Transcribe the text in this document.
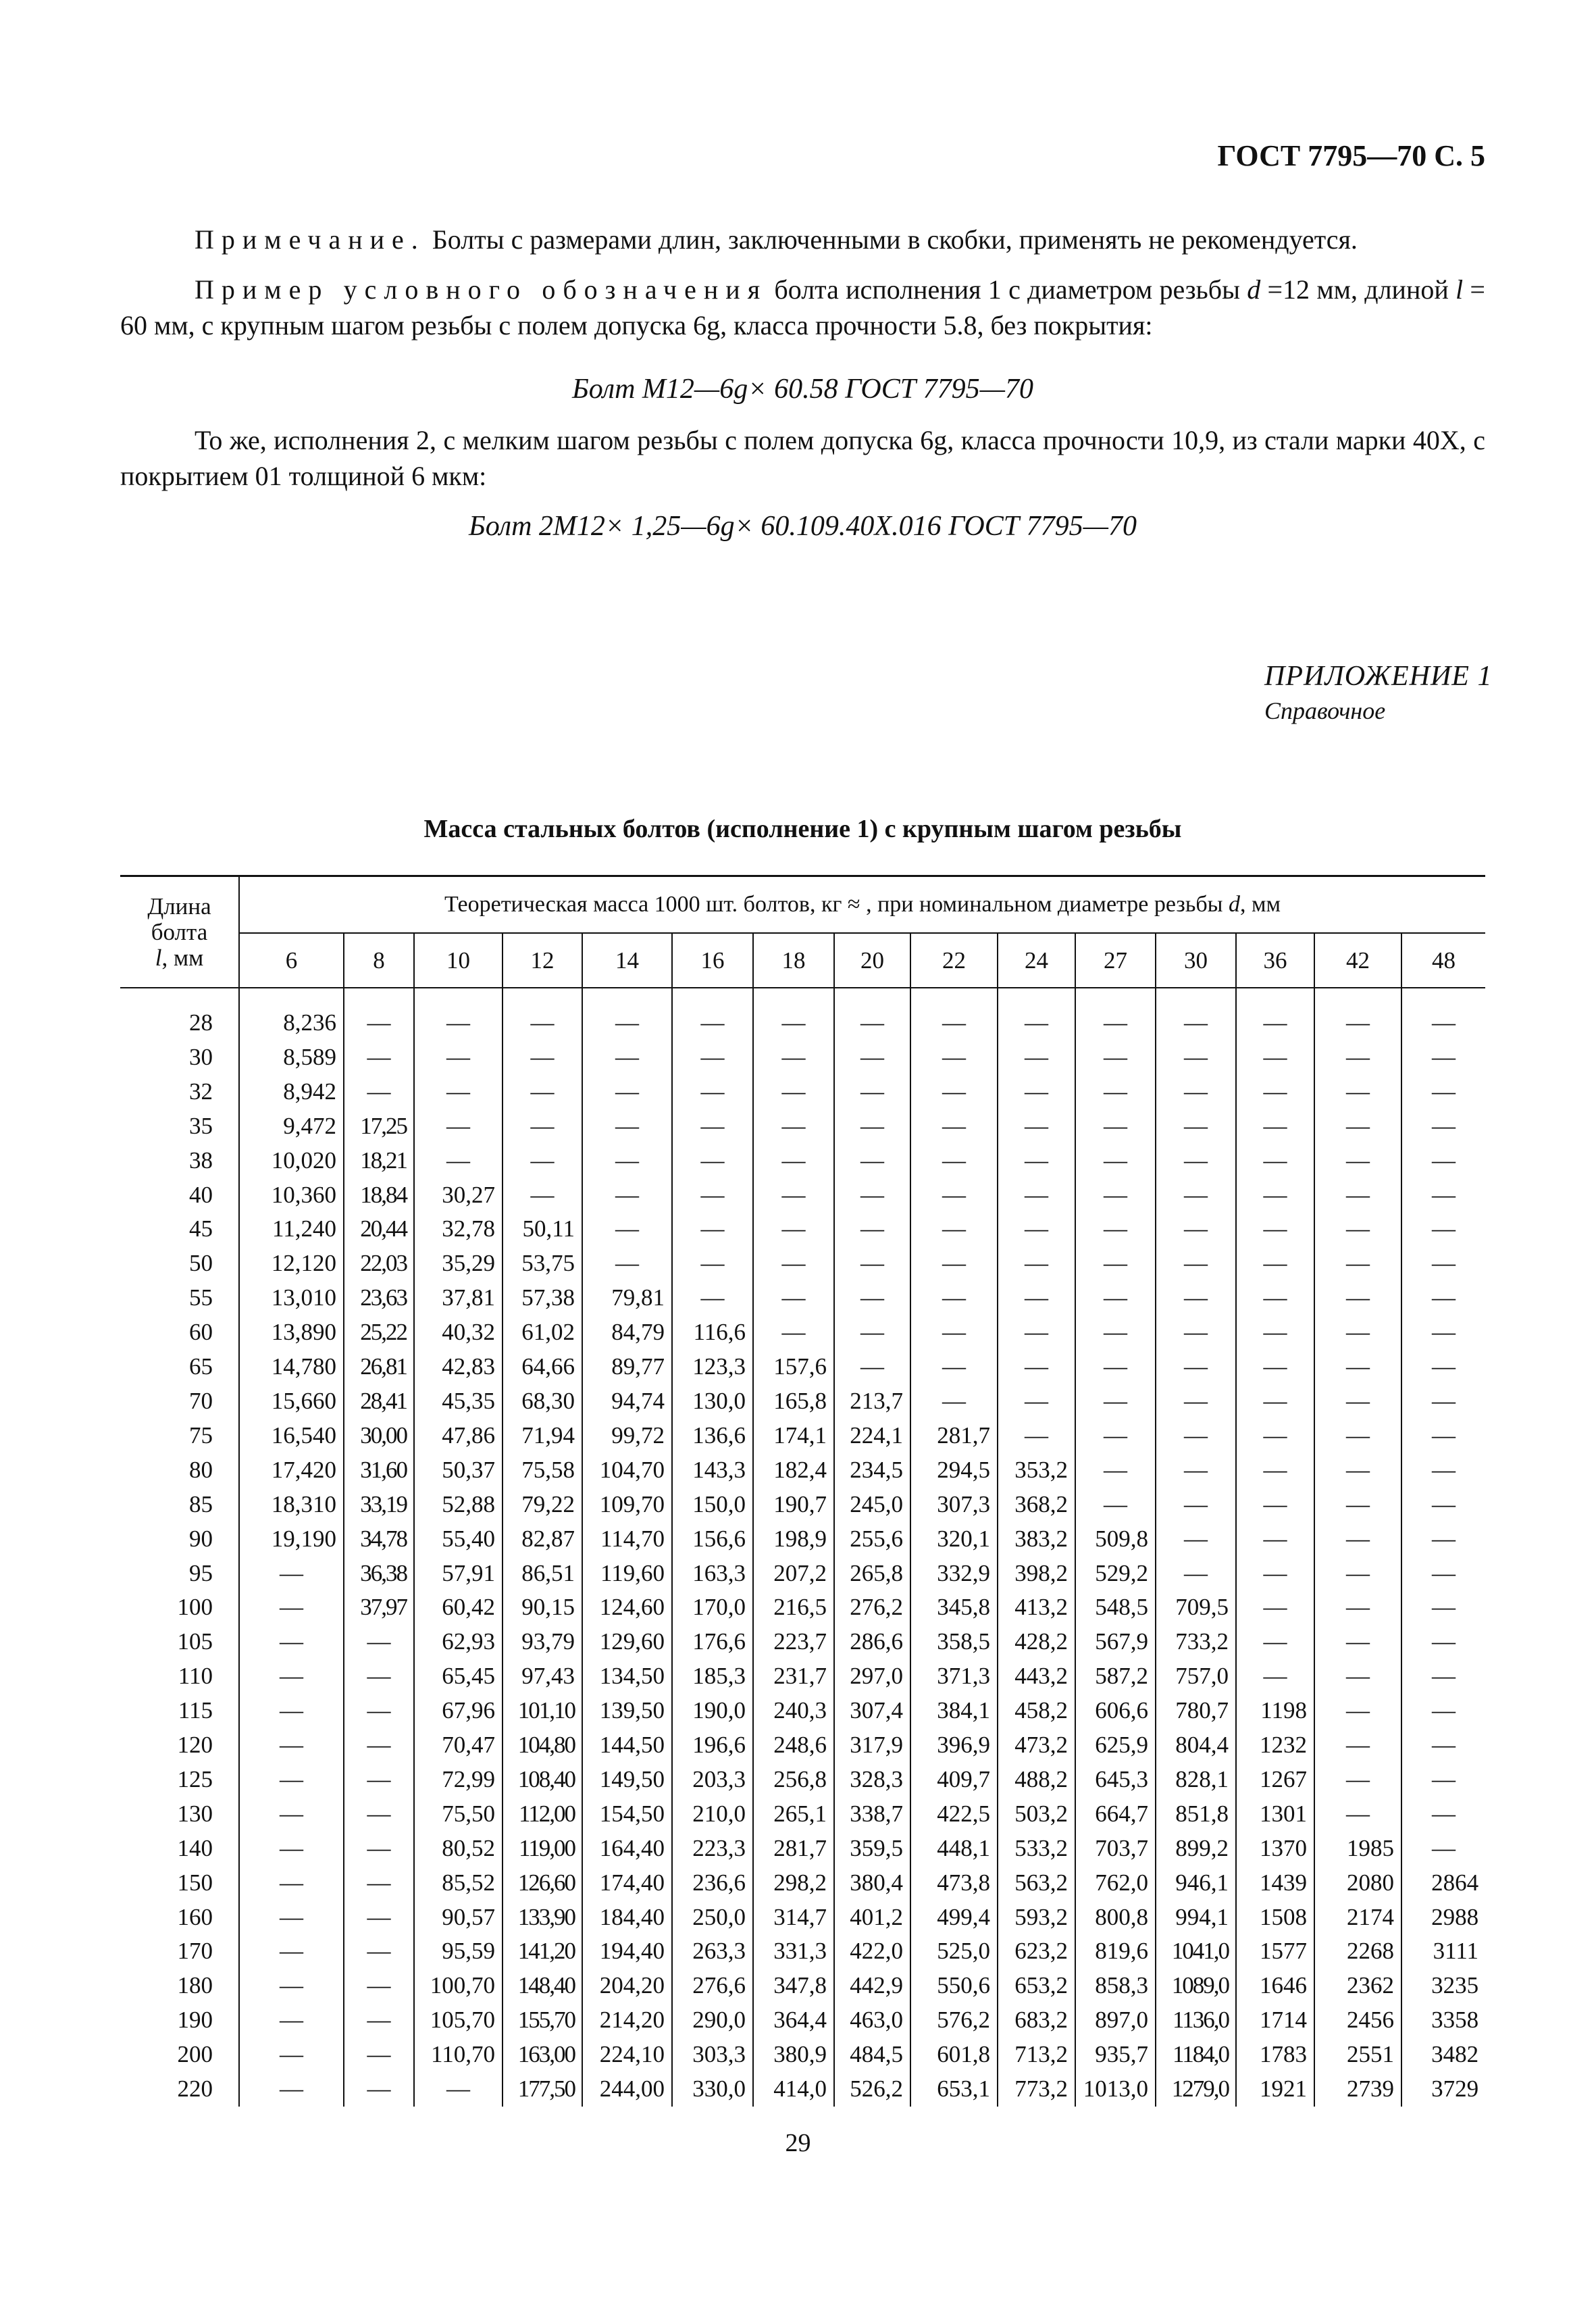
ГОСТ 7795—70 С. 5

Примечание. Болты с размерами длин, заключенными в скобки, применять не рекомендуется.

Пример условного обозначения болта исполнения 1 с диаметром резьбы d =12 мм, длиной l = 60 мм, с крупным шагом резьбы с полем допуска 6g, класса прочности 5.8, без покрытия:

Болт М12—6g× 60.58 ГОСТ 7795—70

То же, исполнения 2, с мелким шагом резьбы с полем допуска 6g, класса прочности 10,9, из стали марки 40Х, с покрытием 01 толщиной 6 мкм:

Болт 2М12× 1,25—6g× 60.109.40Х.016 ГОСТ 7795—70
ПРИЛОЖЕНИЕ 1
Справочное
Масса стальных болтов (исполнение 1) с крупным шагом резьбы
Длина
болта
l, мм	Теоретическая масса 1000 шт. болтов, кг ≈ , при номинальном диаметре резьбы d, мм														
	6	8	10	12	14	16	18	20	22	24	27	30	36	42	48
28	8,236	—	—	—	—	—	—	—	—	—	—	—	—	—	—
30	8,589	—	—	—	—	—	—	—	—	—	—	—	—	—	—
32	8,942	—	—	—	—	—	—	—	—	—	—	—	—	—	—
35	9,472	17,25	—	—	—	—	—	—	—	—	—	—	—	—	—
38	10,020	18,21	—	—	—	—	—	—	—	—	—	—	—	—	—
40	10,360	18,84	30,27	—	—	—	—	—	—	—	—	—	—	—	—
45	11,240	20,44	32,78	50,11	—	—	—	—	—	—	—	—	—	—	—
50	12,120	22,03	35,29	53,75	—	—	—	—	—	—	—	—	—	—	—
55	13,010	23,63	37,81	57,38	79,81	—	—	—	—	—	—	—	—	—	—
60	13,890	25,22	40,32	61,02	84,79	116,6	—	—	—	—	—	—	—	—	—
65	14,780	26,81	42,83	64,66	89,77	123,3	157,6	—	—	—	—	—	—	—	—
70	15,660	28,41	45,35	68,30	94,74	130,0	165,8	213,7	—	—	—	—	—	—	—
75	16,540	30,00	47,86	71,94	99,72	136,6	174,1	224,1	281,7	—	—	—	—	—	—
80	17,420	31,60	50,37	75,58	104,70	143,3	182,4	234,5	294,5	353,2	—	—	—	—	—
85	18,310	33,19	52,88	79,22	109,70	150,0	190,7	245,0	307,3	368,2	—	—	—	—	—
90	19,190	34,78	55,40	82,87	114,70	156,6	198,9	255,6	320,1	383,2	509,8	—	—	—	—
95	—	36,38	57,91	86,51	119,60	163,3	207,2	265,8	332,9	398,2	529,2	—	—	—	—
100	—	37,97	60,42	90,15	124,60	170,0	216,5	276,2	345,8	413,2	548,5	709,5	—	—	—
105	—	—	62,93	93,79	129,60	176,6	223,7	286,6	358,5	428,2	567,9	733,2	—	—	—
110	—	—	65,45	97,43	134,50	185,3	231,7	297,0	371,3	443,2	587,2	757,0	—	—	—
115	—	—	67,96	101,10	139,50	190,0	240,3	307,4	384,1	458,2	606,6	780,7	1198	—	—
120	—	—	70,47	104,80	144,50	196,6	248,6	317,9	396,9	473,2	625,9	804,4	1232	—	—
125	—	—	72,99	108,40	149,50	203,3	256,8	328,3	409,7	488,2	645,3	828,1	1267	—	—
130	—	—	75,50	112,00	154,50	210,0	265,1	338,7	422,5	503,2	664,7	851,8	1301	—	—
140	—	—	80,52	119,00	164,40	223,3	281,7	359,5	448,1	533,2	703,7	899,2	1370	1985	—
150	—	—	85,52	126,60	174,40	236,6	298,2	380,4	473,8	563,2	762,0	946,1	1439	2080	2864
160	—	—	90,57	133,90	184,40	250,0	314,7	401,2	499,4	593,2	800,8	994,1	1508	2174	2988
170	—	—	95,59	141,20	194,40	263,3	331,3	422,0	525,0	623,2	819,6	1041,0	1577	2268	3111
180	—	—	100,70	148,40	204,20	276,6	347,8	442,9	550,6	653,2	858,3	1089,0	1646	2362	3235
190	—	—	105,70	155,70	214,20	290,0	364,4	463,0	576,2	683,2	897,0	1136,0	1714	2456	3358
200	—	—	110,70	163,00	224,10	303,3	380,9	484,5	601,8	713,2	935,7	1184,0	1783	2551	3482
220	—	—	—	177,50	244,00	330,0	414,0	526,2	653,1	773,2	1013,0	1279,0	1921	2739	3729
29
